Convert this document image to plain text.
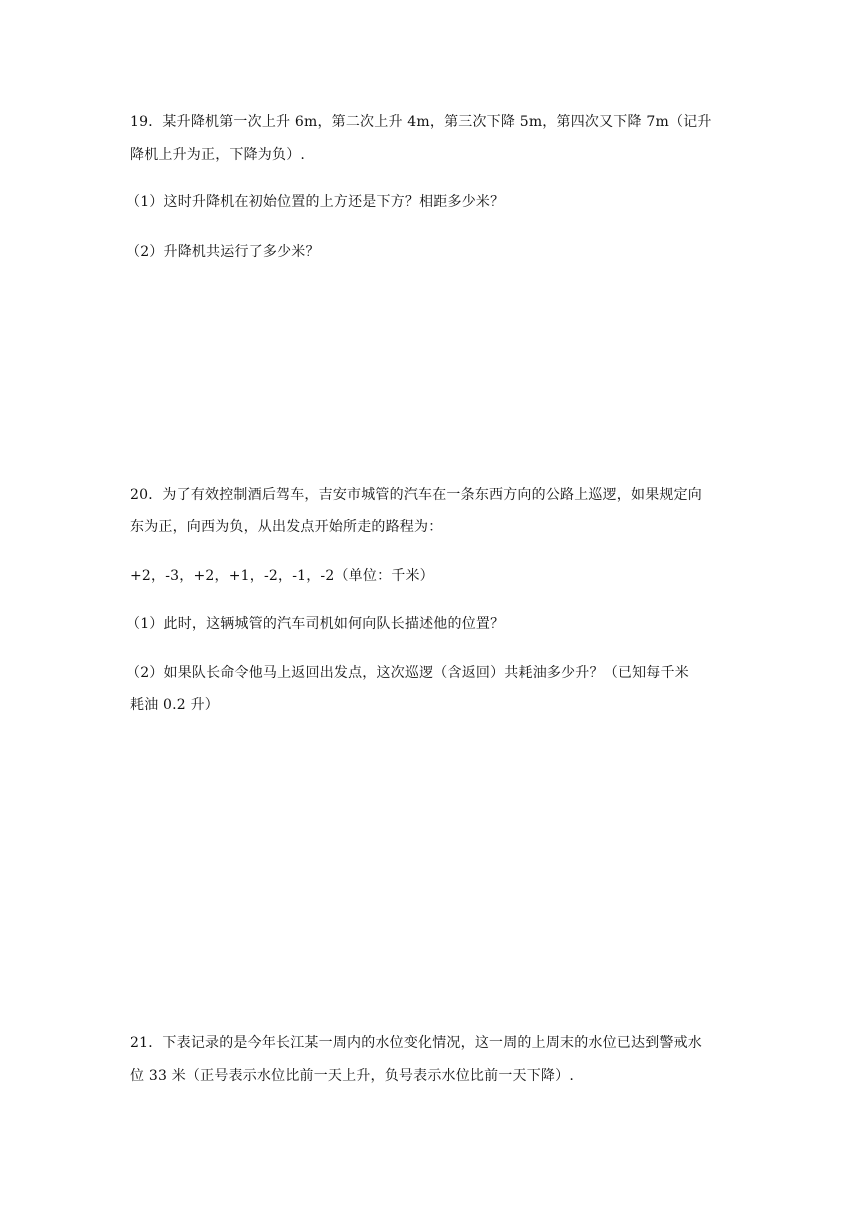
19．某升降机第一次上升 6m，第二次上升 4m，第三次下降 5m，第四次又下降 7m（记升
降机上升为正，下降为负）.
（1）这时升降机在初始位置的上方还是下方？相距多少米？
（2）升降机共运行了多少米？
20．为了有效控制酒后驾车，吉安市城管的汽车在一条东西方向的公路上巡逻，如果规定向
东为正，向西为负，从出发点开始所走的路程为：
+2，-3，+2，+1，-2，-1，-2（单位：千米）
（1）此时，这辆城管的汽车司机如何向队长描述他的位置？
（2）如果队长命令他马上返回出发点，这次巡逻（含返回）共耗油多少升？（已知每千米
耗油 0.2 升）
21．下表记录的是今年长江某一周内的水位变化情况，这一周的上周末的水位已达到警戒水
位 33 米（正号表示水位比前一天上升，负号表示水位比前一天下降）.
